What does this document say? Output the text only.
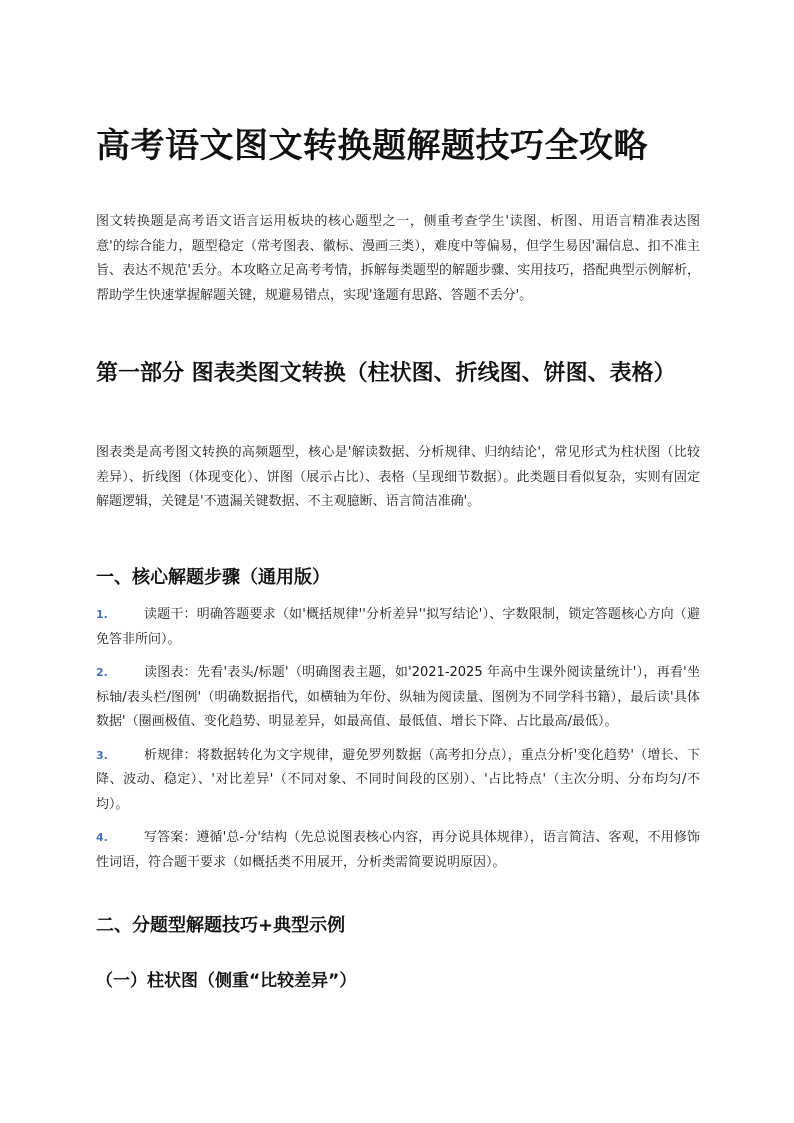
高考语文图文转换题解题技巧全攻略

图文转换题是高考语文语言运用板块的核心题型之一，侧重考查学生'读图、析图、用语言精准表达图意'的综合能力，题型稳定（常考图表、徽标、漫画三类），难度中等偏易，但学生易因'漏信息、扣不准主旨、表达不规范'丢分。本攻略立足高考考情，拆解每类题型的解题步骤、实用技巧，搭配典型示例解析，帮助学生快速掌握解题关键，规避易错点，实现'逢题有思路、答题不丢分'。

第一部分 图表类图文转换（柱状图、折线图、饼图、表格）

图表类是高考图文转换的高频题型，核心是'解读数据、分析规律、归纳结论'，常见形式为柱状图（比较差异）、折线图（体现变化）、饼图（展示占比）、表格（呈现细节数据）。此类题目看似复杂，实则有固定解题逻辑，关键是'不遗漏关键数据、不主观臆断、语言简洁准确'。

一、核心解题步骤（通用版）
1.	读题干：明确答题要求（如'概括规律''分析差异''拟写结论'）、字数限制，锁定答题核心方向（避免答非所问）。
2.	读图表：先看'表头/标题'（明确图表主题，如'2021-2025 年高中生课外阅读量统计'），再看'坐标轴/表头栏/图例'（明确数据指代，如横轴为年份、纵轴为阅读量、图例为不同学科书籍），最后读'具体数据'（圈画极值、变化趋势、明显差异，如最高值、最低值、增长下降、占比最高/最低）。
3.	析规律：将数据转化为文字规律，避免罗列数据（高考扣分点），重点分析'变化趋势'（增长、下降、波动、稳定）、'对比差异'（不同对象、不同时间段的区别）、'占比特点'（主次分明、分布均匀/不均）。
4.	写答案：遵循'总-分'结构（先总说图表核心内容，再分说具体规律），语言简洁、客观，不用修饰性词语，符合题干要求（如概括类不用展开，分析类需简要说明原因）。
二、分题型解题技巧+典型示例
（一）柱状图（侧重“比较差异”）
